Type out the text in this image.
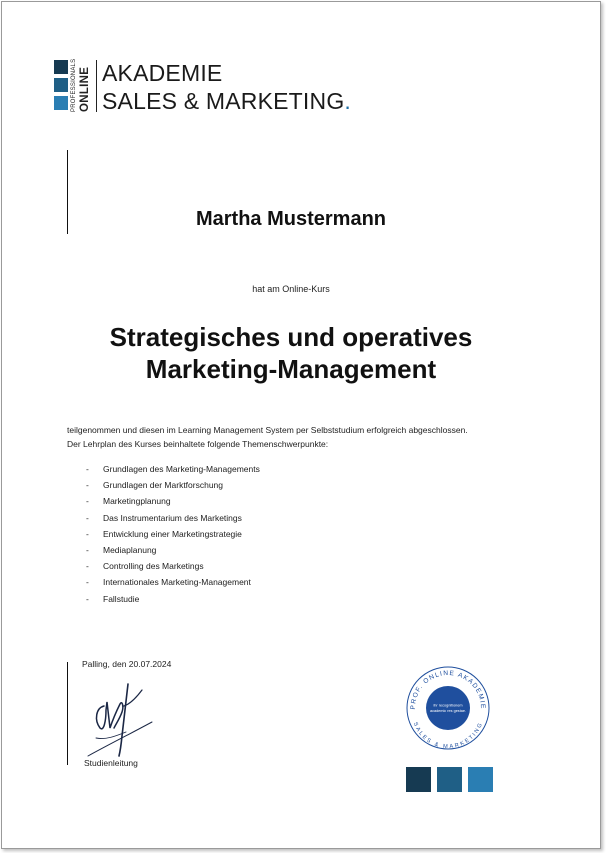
PROFESSIONALS ONLINE AKADEMIE
SALES & MARKETING.
Martha Mustermann
hat am Online-Kurs
Strategisches und operatives
Marketing-Management
teilgenommen und diesen im Learning Management System per Selbststudium erfolgreich abgeschlossen.
Der Lehrplan des Kurses beinhaltete folgende Themenschwerpunkte:
- Grundlagen des Marketing-Managements
- Grundlagen der Marktforschung
- Marketingplanung
- Das Instrumentarium des Marketings
- Entwicklung einer Marketingstrategie
- Mediaplanung
- Controlling des Marketings
- Internationales Marketing-Management
- Fallstudie
Palling, den 20.07.2024
Studienleitung
PROF. ONLINE AKADEMIE
SALES & MARKETING
ihr recognitionem
academic res gestae.
